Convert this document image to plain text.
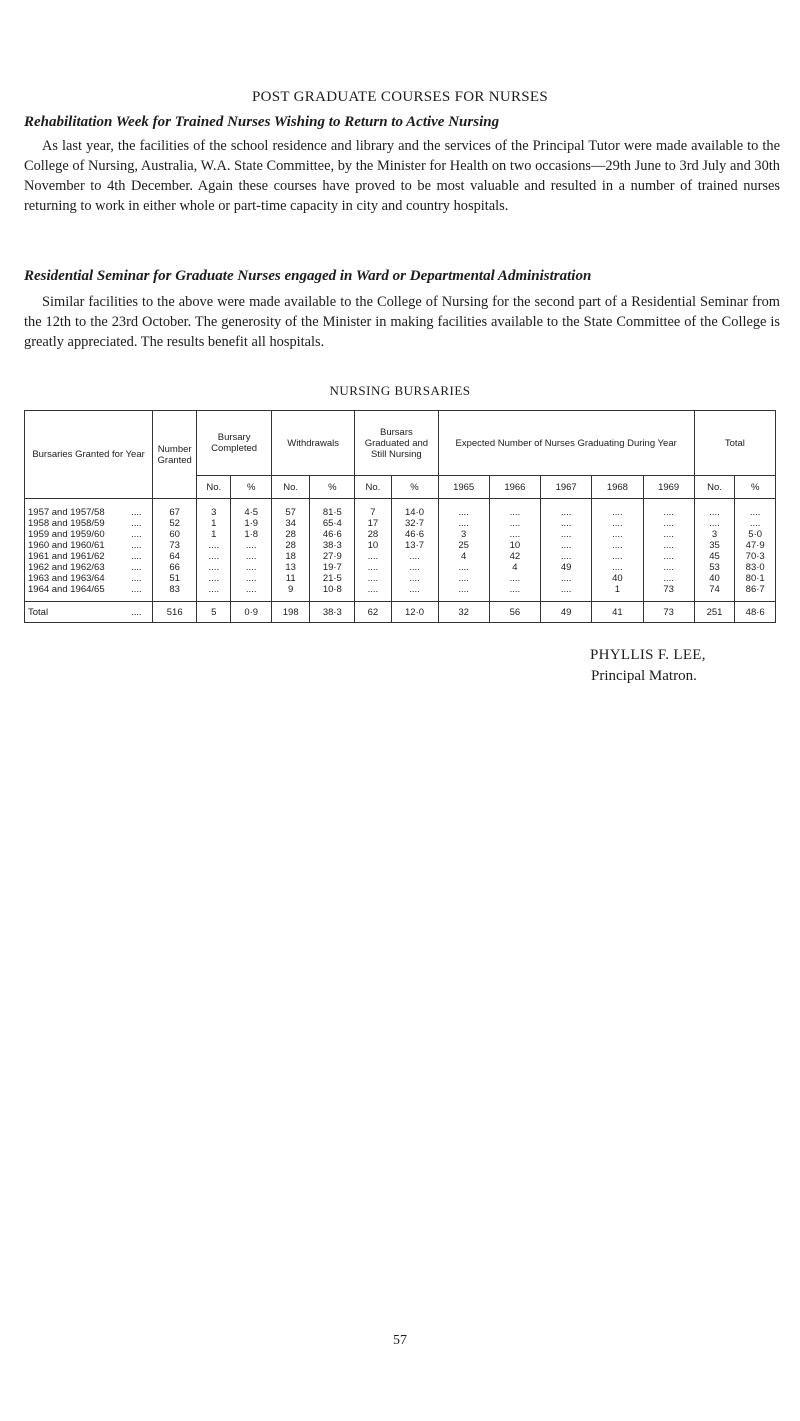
POST GRADUATE COURSES FOR NURSES
Rehabilitation Week for Trained Nurses Wishing to Return to Active Nursing
As last year, the facilities of the school residence and library and the services of the Principal Tutor were made available to the College of Nursing, Australia, W.A. State Committee, by the Minister for Health on two occasions—29th June to 3rd July and 30th November to 4th December. Again these courses have proved to be most valuable and resulted in a number of trained nurses returning to work in either whole or part-time capacity in city and country hospitals.
Residential Seminar for Graduate Nurses engaged in Ward or Departmental Administration
Similar facilities to the above were made available to the College of Nursing for the second part of a Residential Seminar from the 12th to the 23rd October. The generosity of the Minister in making facilities available to the State Committee of the College is greatly appreciated. The results benefit all hospitals.
NURSING BURSARIES
Bursaries Granted for Year		Number Granted	Bursary Completed		Withdrawals		Bursars Graduated and Still Nursing		Expected Number of Nurses Graduating During Year					Total	
			No.	%	No.	%	No.	%	1965	1966	1967	1968	1969	No.	%
1957 and 1957/58	....	67	3	4·5	57	81·5	7	14·0	....	....	....	....	....	....	....
1958 and 1958/59	....	52	1	1·9	34	65·4	17	32·7	....	....	....	....	....	....	....
1959 and 1959/60	....	60	1	1·8	28	46·6	28	46·6	3	....	....	....	....	3	5·0
1960 and 1960/61	....	73	....	....	28	38·3	10	13·7	25	10	....	....	....	35	47·9
1961 and 1961/62	....	64	....	....	18	27·9	....	....	4	42	....	....	....	45	70·3
1962 and 1962/63	....	66	....	....	13	19·7	....	....	....	4	49	....	....	53	83·0
1963 and 1963/64	....	51	....	....	11	21·5	....	....	....	....	....	40	....	40	80·1
1964 and 1964/65	....	83	....	....	9	10·8	....	....	....	....	....	1	73	74	86·7
Total	....	516	5	0·9	198	38·3	62	12·0	32	56	49	41	73	251	48·6
PHYLLIS F. LEE,
Principal Matron.
57
